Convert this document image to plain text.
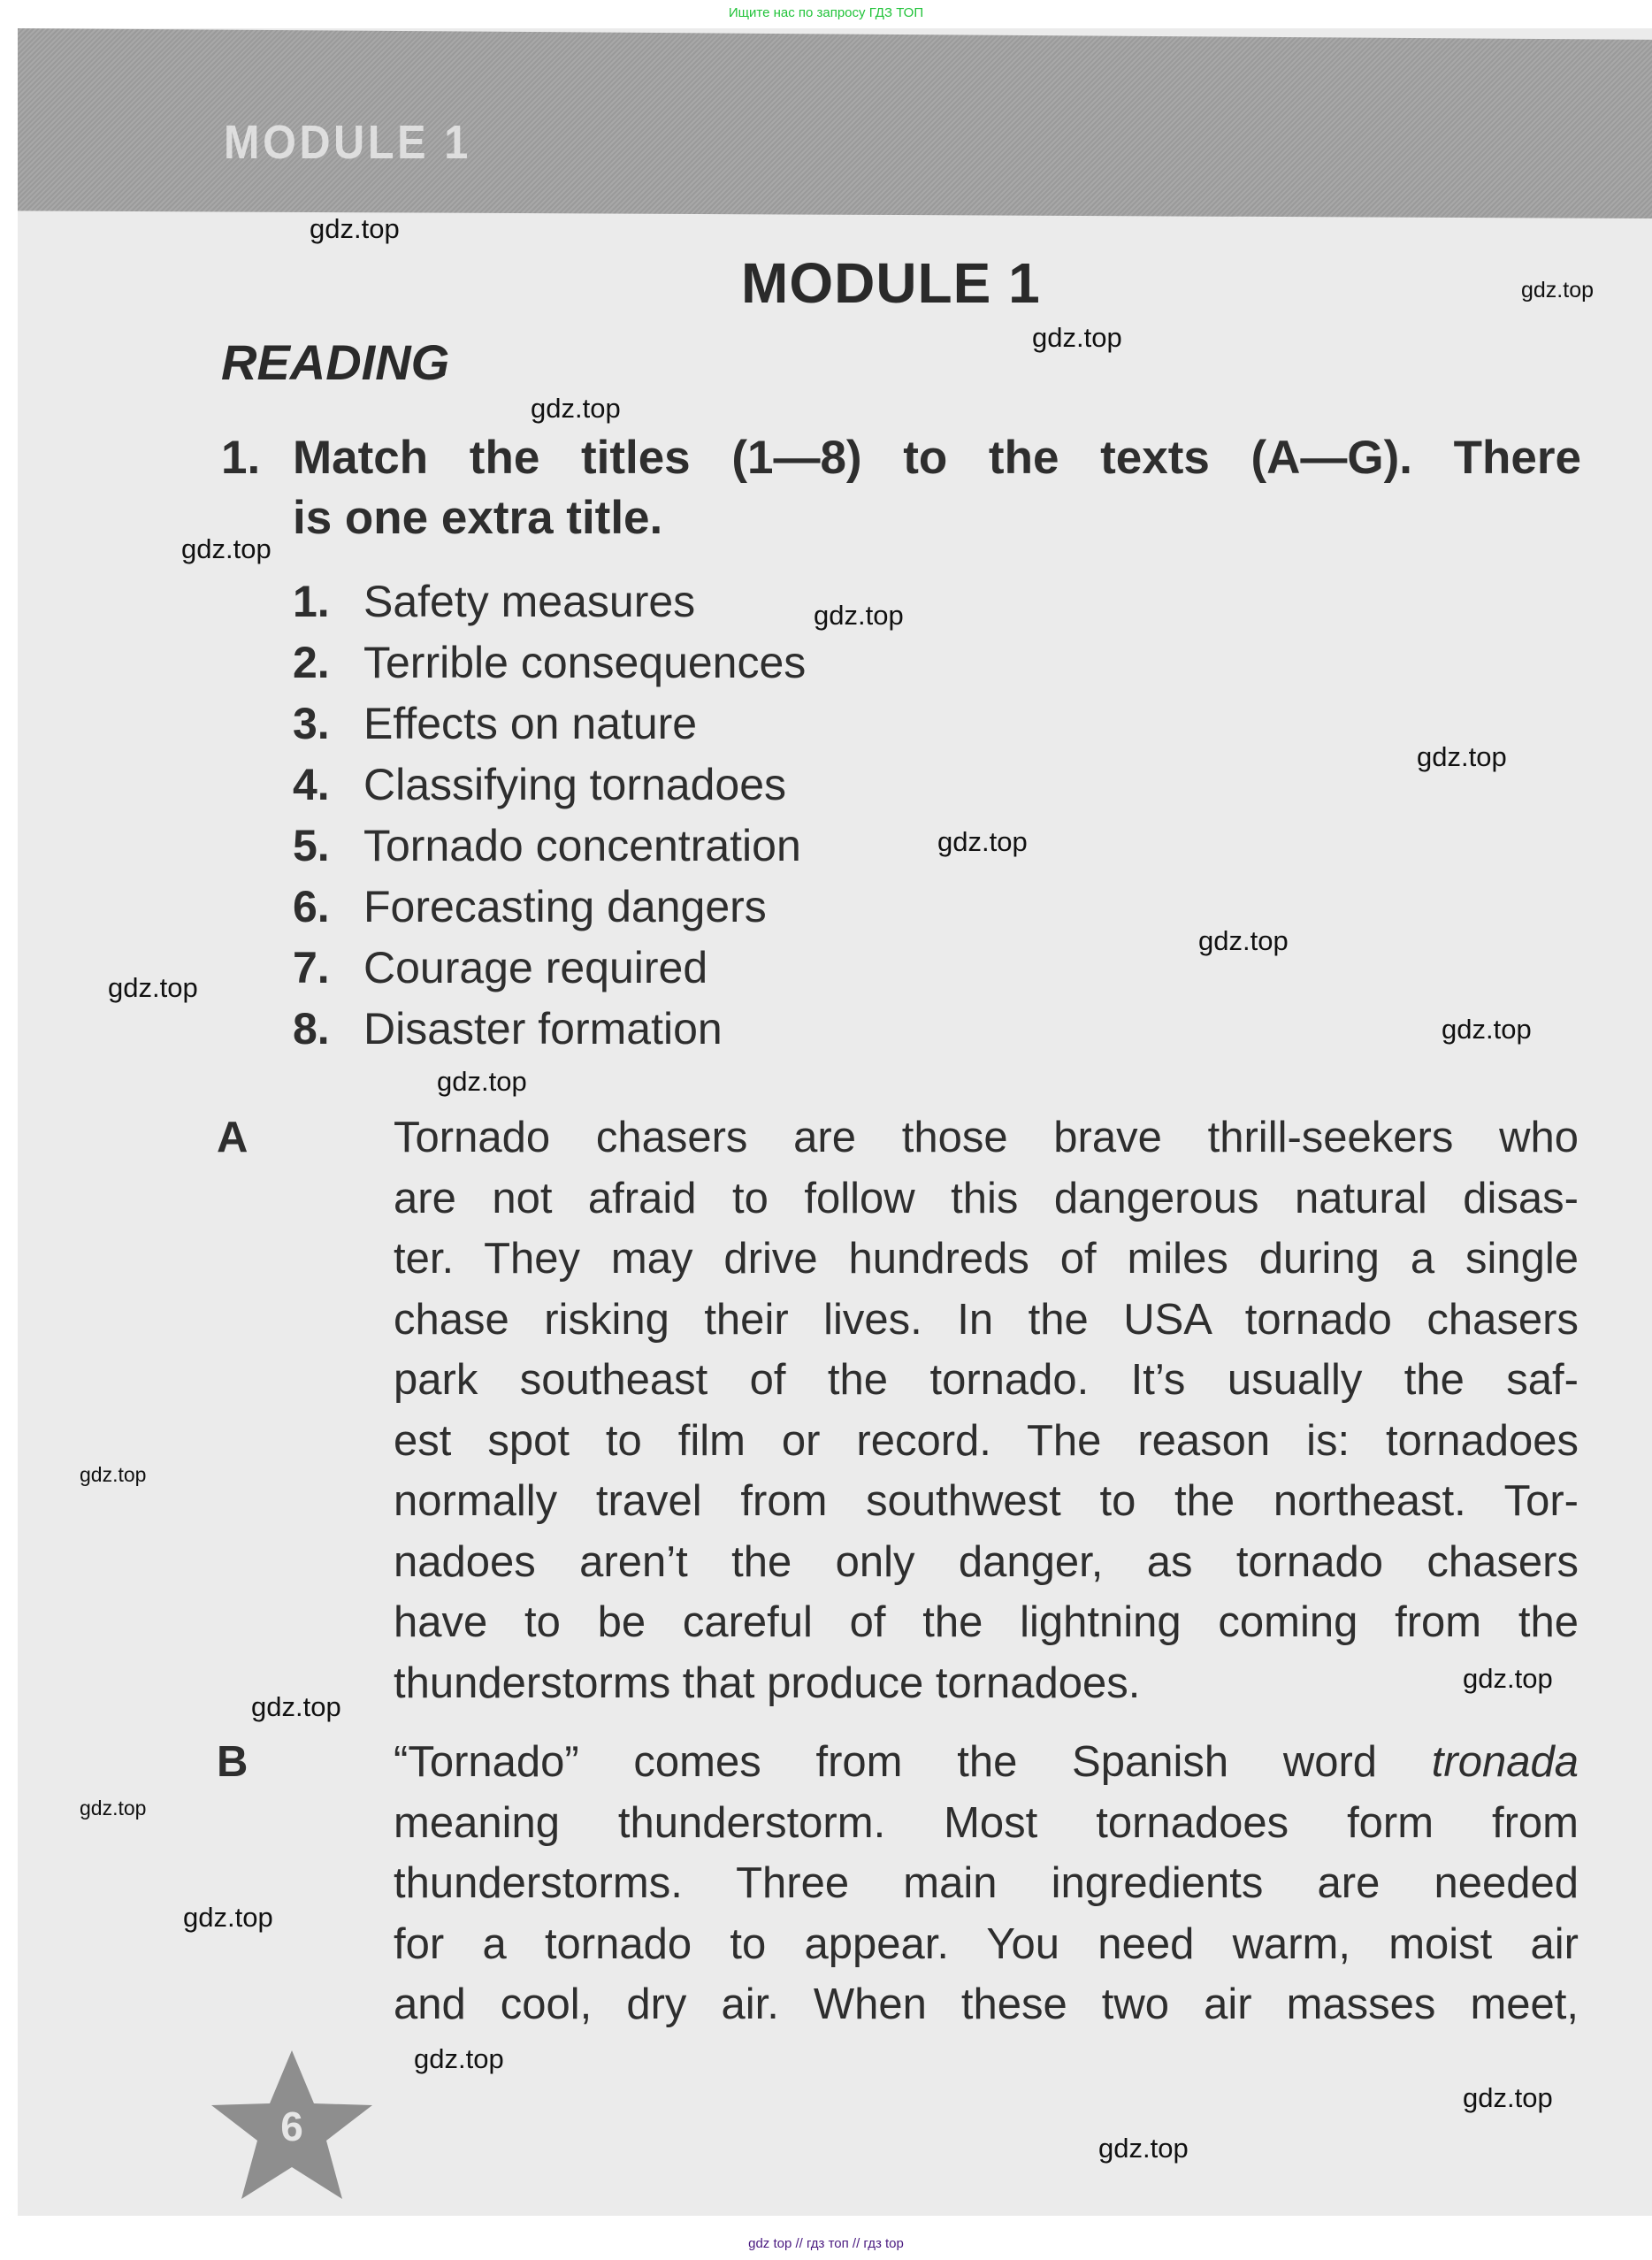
Ищите нас по запросу ГДЗ ТОП
MODULE 1
MODULE 1
READING
1. Match the titles (1—8) to the texts (A—G). There
is one extra title.
1. Safety measures
2. Terrible consequences
3. Effects on nature
4. Classifying tornadoes
5. Tornado concentration
6. Forecasting dangers
7. Courage required
8. Disaster formation
A	Tornado chasers are those brave thrill-seekers who
are not afraid to follow this dangerous natural disas-
ter. They may drive hundreds of miles during a single
chase risking their lives. In the USA tornado chasers
park southeast of the tornado. It’s usually the saf-
est spot to film or record. The reason is: tornadoes
normally travel from southwest to the northeast. Tor-
nadoes aren’t the only danger, as tornado chasers
have to be careful of the lightning coming from the
thunderstorms that produce tornadoes.
B	“Tornado” comes from the Spanish word tronada
meaning thunderstorm. Most tornadoes form from
thunderstorms. Three main ingredients are needed
for a tornado to appear. You need warm, moist air
and cool, dry air. When these two air masses meet,
6
gdz.top
gdz.top
gdz.top
gdz.top
gdz.top
gdz.top
gdz.top
gdz.top
gdz.top
gdz.top
gdz.top
gdz.top
gdz.top
gdz.top
gdz.top
gdz.top
gdz.top
gdz.top
gdz.top
gdz.top
gdz top // гдз топ // гдз top
